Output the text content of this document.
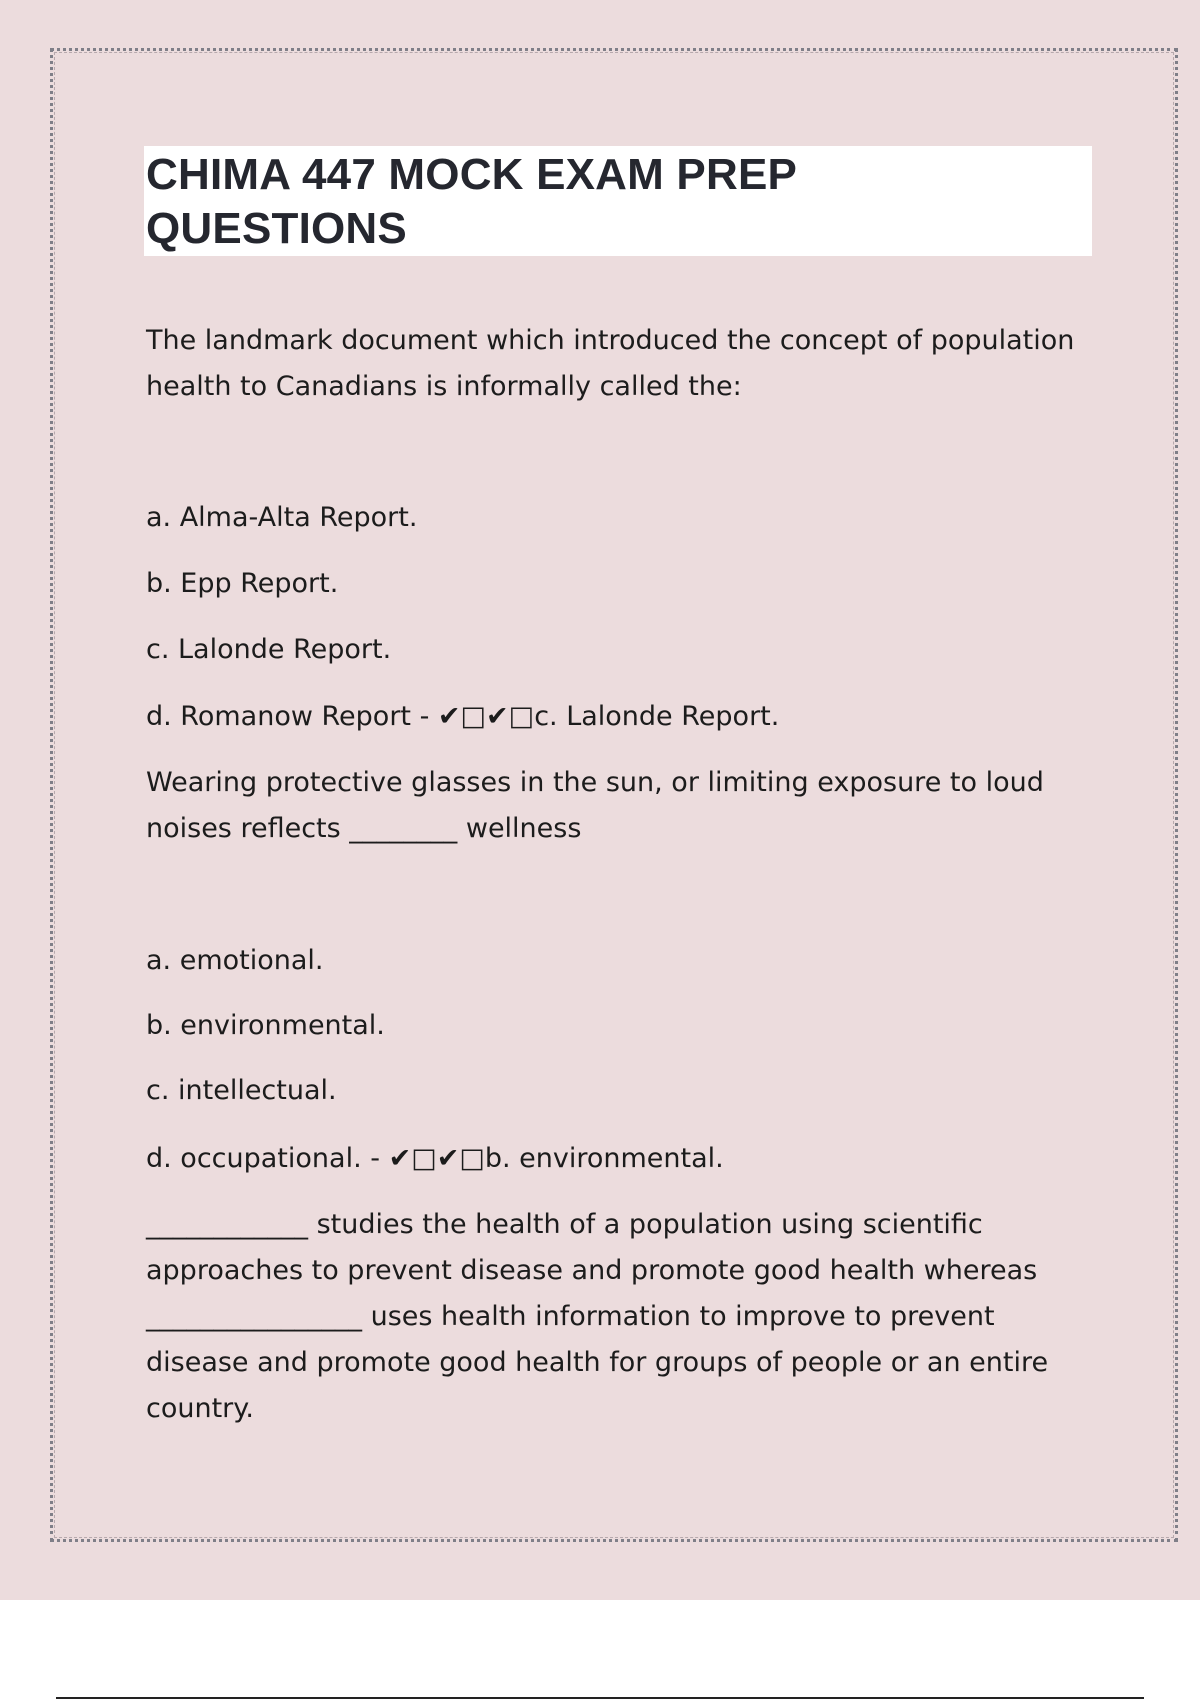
CHIMA 447 MOCK EXAM PREP
QUESTIONS

The landmark document which introduced the concept of population
health to Canadians is informally called the:

a. Alma-Alta Report.

b. Epp Report.

c. Lalonde Report.

d. Romanow Report - ✔□✔□c. Lalonde Report.

Wearing protective glasses in the sun, or limiting exposure to loud
noises reflects ________ wellness

a. emotional.

b. environmental.

c. intellectual.

d. occupational. - ✔□✔□b. environmental.

____________ studies the health of a population using scientific
approaches to prevent disease and promote good health whereas
________________ uses health information to improve to prevent
disease and promote good health for groups of people or an entire
country.
